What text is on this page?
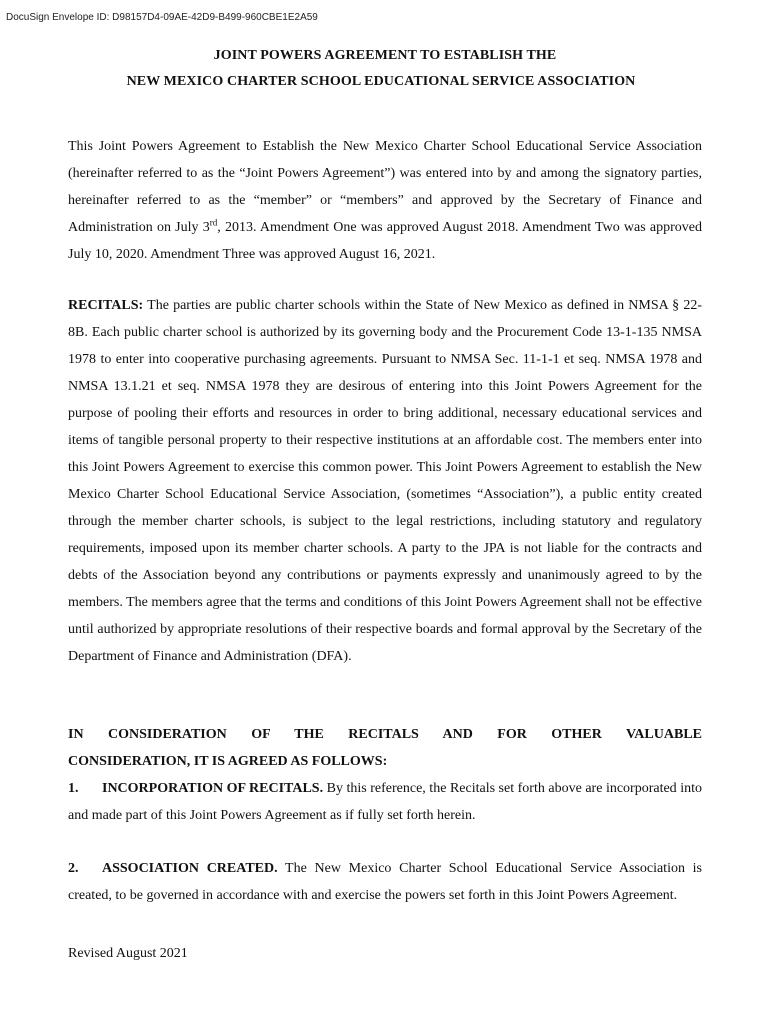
DocuSign Envelope ID: D98157D4-09AE-42D9-B499-960CBE1E2A59
JOINT POWERS AGREEMENT TO ESTABLISH THE
NEW MEXICO CHARTER SCHOOL EDUCATIONAL SERVICE ASSOCIATION

This Joint Powers Agreement to Establish the New Mexico Charter School Educational Service Association (hereinafter referred to as the “Joint Powers Agreement”) was entered into by and among the signatory parties, hereinafter referred to as the “member” or “members” and approved by the Secretary of Finance and Administration on July 3rd, 2013. Amendment One was approved August 2018. Amendment Two was approved July 10, 2020. Amendment Three was approved August 16, 2021.

RECITALS: The parties are public charter schools within the State of New Mexico as defined in NMSA § 22-8B. Each public charter school is authorized by its governing body and the Procurement Code 13-1-135 NMSA 1978 to enter into cooperative purchasing agreements. Pursuant to NMSA Sec. 11-1-1 et seq. NMSA 1978 and NMSA 13.1.21 et seq. NMSA 1978 they are desirous of entering into this Joint Powers Agreement for the purpose of pooling their efforts and resources in order to bring additional, necessary educational services and items of tangible personal property to their respective institutions at an affordable cost. The members enter into this Joint Powers Agreement to exercise this common power. This Joint Powers Agreement to establish the New Mexico Charter School Educational Service Association, (sometimes “Association”), a public entity created through the member charter schools, is subject to the legal restrictions, including statutory and regulatory requirements, imposed upon its member charter schools. A party to the JPA is not liable for the contracts and debts of the Association beyond any contributions or payments expressly and unanimously agreed to by the members. The members agree that the terms and conditions of this Joint Powers Agreement shall not be effective until authorized by appropriate resolutions of their respective boards and formal approval by the Secretary of the Department of Finance and Administration (DFA).

IN CONSIDERATION OF THE RECITALS AND FOR OTHER VALUABLE

CONSIDERATION, IT IS AGREED AS FOLLOWS:

1. INCORPORATION OF RECITALS. By this reference, the Recitals set forth above are incorporated into and made part of this Joint Powers Agreement as if fully set forth herein.

2. ASSOCIATION CREATED. The New Mexico Charter School Educational Service Association is created, to be governed in accordance with and exercise the powers set forth in this Joint Powers Agreement.

Revised August 2021
